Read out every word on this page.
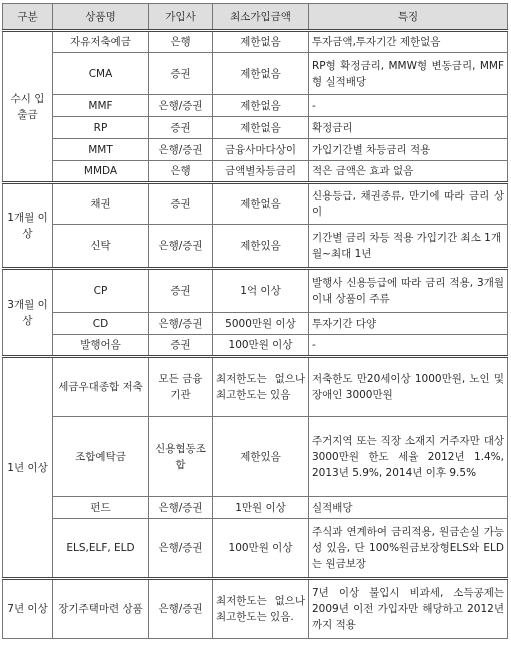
구분	상품명	가입사	최소가입금액	특징
수시 입출금	자유저축예금	은행	제한없음	투자금액,투자기간 제한없음
	CMA	증권	제한없음	RP형 확정금리, MMW형 변동금리, MMF형 실적배당
	MMF	은행/증권	제한없음	-
	RP	증권	제한없음	확정금리
	MMT	은행/증권	금융사마다상이	가입기간별 차등금리 적용
	MMDA	은행	금액별차등금리	적은 금액은 효과 없음
1개월 이상	채권	증권	제한없음	신용등급, 채권종류, 만기에 따라 금리 상이
	신탁	은행/증권	제한있음	기간별 금리 차등 적용 가입기간 최소 1개월~최대 1년
3개월 이상	CP	증권	1억 이상	발행사 신용등급에 따라 금리 적용, 3개월 이내 상품이 주류
	CD	은행/증권	5000만원 이상	투자기간 다양
	발행어음	증권	100만원 이상	-
1년 이상	세금우대종합 저축	모든 금융 기관	최저한도는 없으나 최고한도는 있음	저축한도 만20세이상 1000만원, 노인 및 장애인 3000만원
	조합예탁금	신용협동조합	제한있음	주거지역 또는 직장 소재지 거주자만 대상 3000만원 한도 세율 2012년 1.4%, 2013년 5.9%, 2014년 이후 9.5%
	펀드	은행/증권	1만원 이상	실적배당
	ELS,ELF, ELD	은행/증권	100만원 이상	주식과 연계하여 금리적용, 원금손실 가능성 있음, 단 100%원금보장형ELS와 ELD는 원금보장
7년 이상	장기주택마련 상품	은행/증권	최저한도는 없으나 최고한도는 있음.	7년 이상 불입시 비과세, 소득공제는 2009년 이전 가입자만 해당하고 2012년까지 적용
